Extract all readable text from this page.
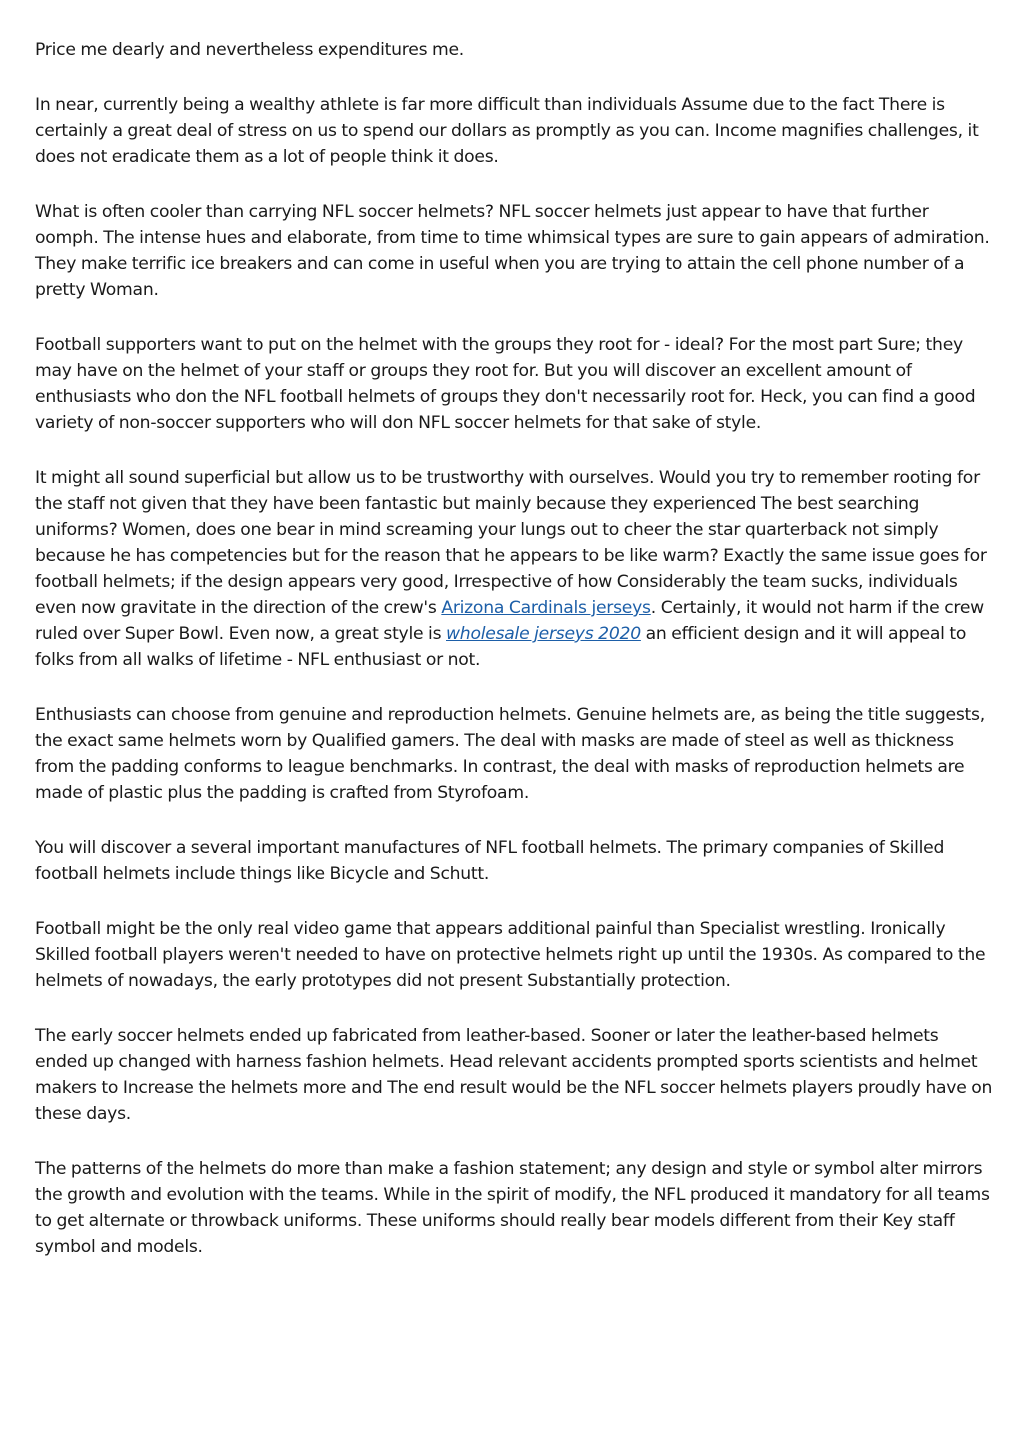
Price me dearly and nevertheless expenditures me.

In near, currently being a wealthy athlete is far more difficult than individuals Assume due to the fact There is certainly a great deal of stress on us to spend our dollars as promptly as you can. Income magnifies challenges, it does not eradicate them as a lot of people think it does.

What is often cooler than carrying NFL soccer helmets? NFL soccer helmets just appear to have that further oomph. The intense hues and elaborate, from time to time whimsical types are sure to gain appears of admiration. They make terrific ice breakers and can come in useful when you are trying to attain the cell phone number of a pretty Woman.

Football supporters want to put on the helmet with the groups they root for - ideal? For the most part Sure; they may have on the helmet of your staff or groups they root for. But you will discover an excellent amount of enthusiasts who don the NFL football helmets of groups they don't necessarily root for. Heck, you can find a good variety of non-soccer supporters who will don NFL soccer helmets for that sake of style.

It might all sound superficial but allow us to be trustworthy with ourselves. Would you try to remember rooting for the staff not given that they have been fantastic but mainly because they experienced The best searching uniforms? Women, does one bear in mind screaming your lungs out to cheer the star quarterback not simply because he has competencies but for the reason that he appears to be like warm? Exactly the same issue goes for football helmets; if the design appears very good, Irrespective of how Considerably the team sucks, individuals even now gravitate in the direction of the crew's Arizona Cardinals jerseys. Certainly, it would not harm if the crew ruled over Super Bowl. Even now, a great style is wholesale jerseys 2020 an efficient design and it will appeal to folks from all walks of lifetime - NFL enthusiast or not.

Enthusiasts can choose from genuine and reproduction helmets. Genuine helmets are, as being the title suggests, the exact same helmets worn by Qualified gamers. The deal with masks are made of steel as well as thickness from the padding conforms to league benchmarks. In contrast, the deal with masks of reproduction helmets are made of plastic plus the padding is crafted from Styrofoam.

You will discover a several important manufactures of NFL football helmets. The primary companies of Skilled football helmets include things like Bicycle and Schutt.

Football might be the only real video game that appears additional painful than Specialist wrestling. Ironically Skilled football players weren't needed to have on protective helmets right up until the 1930s. As compared to the helmets of nowadays, the early prototypes did not present Substantially protection.

The early soccer helmets ended up fabricated from leather-based. Sooner or later the leather-based helmets ended up changed with harness fashion helmets. Head relevant accidents prompted sports scientists and helmet makers to Increase the helmets more and The end result would be the NFL soccer helmets players proudly have on these days.

The patterns of the helmets do more than make a fashion statement; any design and style or symbol alter mirrors the growth and evolution with the teams. While in the spirit of modify, the NFL produced it mandatory for all teams to get alternate or throwback uniforms. These uniforms should really bear models different from their Key staff symbol and models.
